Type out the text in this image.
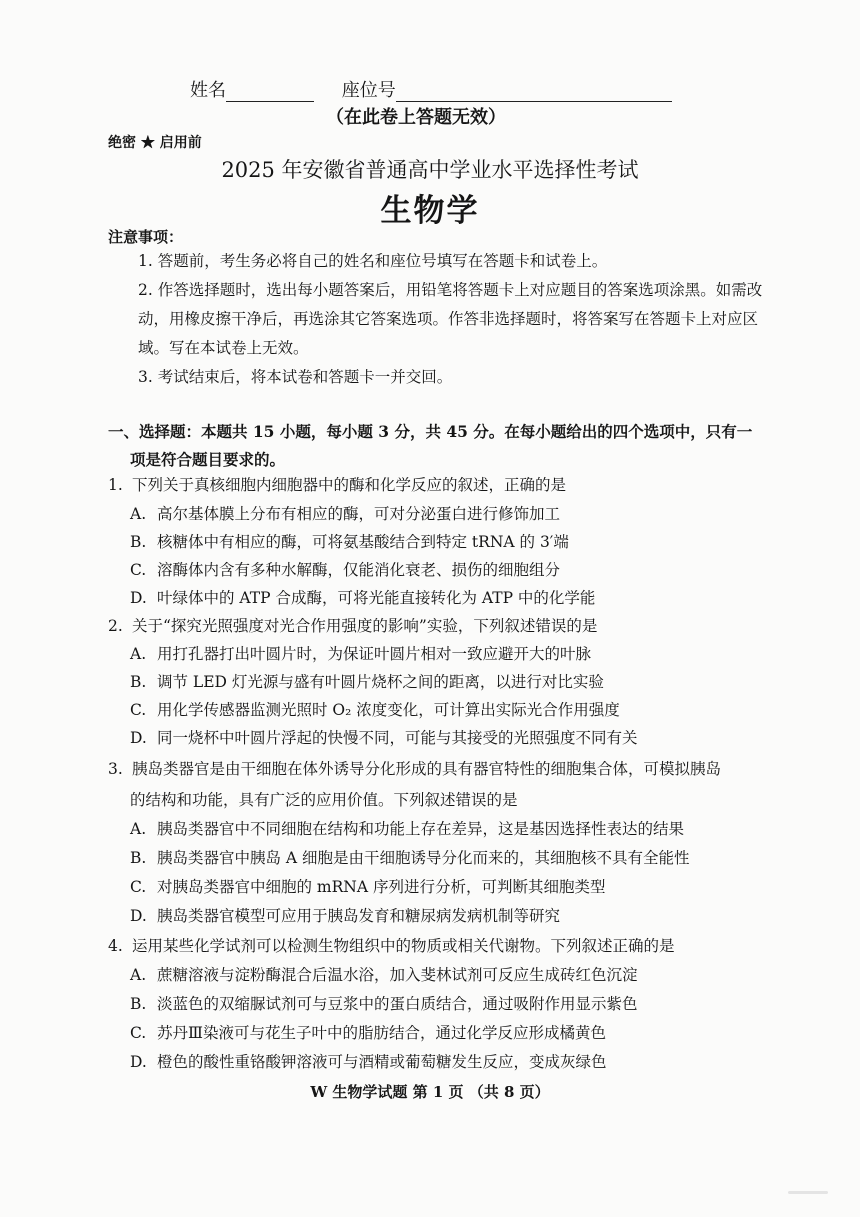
姓名	座位号
（在此卷上答题无效）
绝密 ★ 启用前
2025 年安徽省普通高中学业水平选择性考试
生物学
注意事项：
1. 答题前，考生务必将自己的姓名和座位号填写在答题卡和试卷上。
2. 作答选择题时，选出每小题答案后，用铅笔将答题卡上对应题目的答案选项涂黑。如需改动，用橡皮擦干净后，再选涂其它答案选项。作答非选择题时，将答案写在答题卡上对应区域。写在本试卷上无效。
3. 考试结束后，将本试卷和答题卡一并交回。
一、选择题：本题共 15 小题，每小题 3 分，共 45 分。在每小题给出的四个选项中，只有一
项是符合题目要求的。
1. 下列关于真核细胞内细胞器中的酶和化学反应的叙述，正确的是
A. 高尔基体膜上分布有相应的酶，可对分泌蛋白进行修饰加工
B. 核糖体中有相应的酶，可将氨基酸结合到特定 tRNA 的 3′端
C. 溶酶体内含有多种水解酶，仅能消化衰老、损伤的细胞组分
D. 叶绿体中的 ATP 合成酶，可将光能直接转化为 ATP 中的化学能
2. 关于“探究光照强度对光合作用强度的影响”实验，下列叙述错误的是
A. 用打孔器打出叶圆片时，为保证叶圆片相对一致应避开大的叶脉
B. 调节 LED 灯光源与盛有叶圆片烧杯之间的距离，以进行对比实验
C. 用化学传感器监测光照时 O₂ 浓度变化，可计算出实际光合作用强度
D. 同一烧杯中叶圆片浮起的快慢不同，可能与其接受的光照强度不同有关
3. 胰岛类器官是由干细胞在体外诱导分化形成的具有器官特性的细胞集合体，可模拟胰岛
的结构和功能，具有广泛的应用价值。下列叙述错误的是
A. 胰岛类器官中不同细胞在结构和功能上存在差异，这是基因选择性表达的结果
B. 胰岛类器官中胰岛 A 细胞是由干细胞诱导分化而来的，其细胞核不具有全能性
C. 对胰岛类器官中细胞的 mRNA 序列进行分析，可判断其细胞类型
D. 胰岛类器官模型可应用于胰岛发育和糖尿病发病机制等研究
4. 运用某些化学试剂可以检测生物组织中的物质或相关代谢物。下列叙述正确的是
A. 蔗糖溶液与淀粉酶混合后温水浴，加入斐林试剂可反应生成砖红色沉淀
B. 淡蓝色的双缩脲试剂可与豆浆中的蛋白质结合，通过吸附作用显示紫色
C. 苏丹Ⅲ染液可与花生子叶中的脂肪结合，通过化学反应形成橘黄色
D. 橙色的酸性重铬酸钾溶液可与酒精或葡萄糖发生反应，变成灰绿色
W 生物学试题 第 1 页 （共 8 页）
